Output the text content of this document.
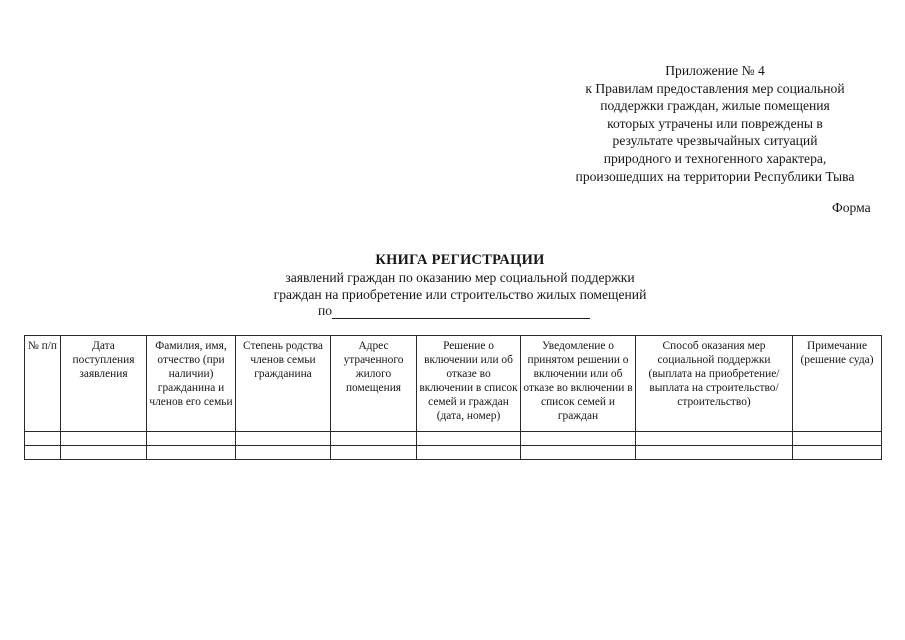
Приложение № 4
к Правилам предоставления мер социальной
поддержки граждан, жилые помещения
которых утрачены или повреждены в
результате чрезвычайных ситуаций
природного и техногенного характера,
произошедших на территории Республики Тыва
Форма
КНИГА РЕГИСТРАЦИИ
заявлений граждан по оказанию мер социальной поддержки
граждан на приобретение или строительство жилых помещений
по
№ п/п	Дата поступления заявления	Фамилия, имя, отчество (при наличии) гражданина и членов его семьи	Степень родства членов семьи гражданина	Адрес утраченного жилого помещения	Решение о включении или об отказе во включении в список семей и граждан (дата, номер)	Уведомление о принятом решении о включении или об отказе во включении в список семей и граждан	Способ оказания мер социальной поддержки (выплата на приобретение/выплата на строительство/строительство)	Примечание (решение суда)
